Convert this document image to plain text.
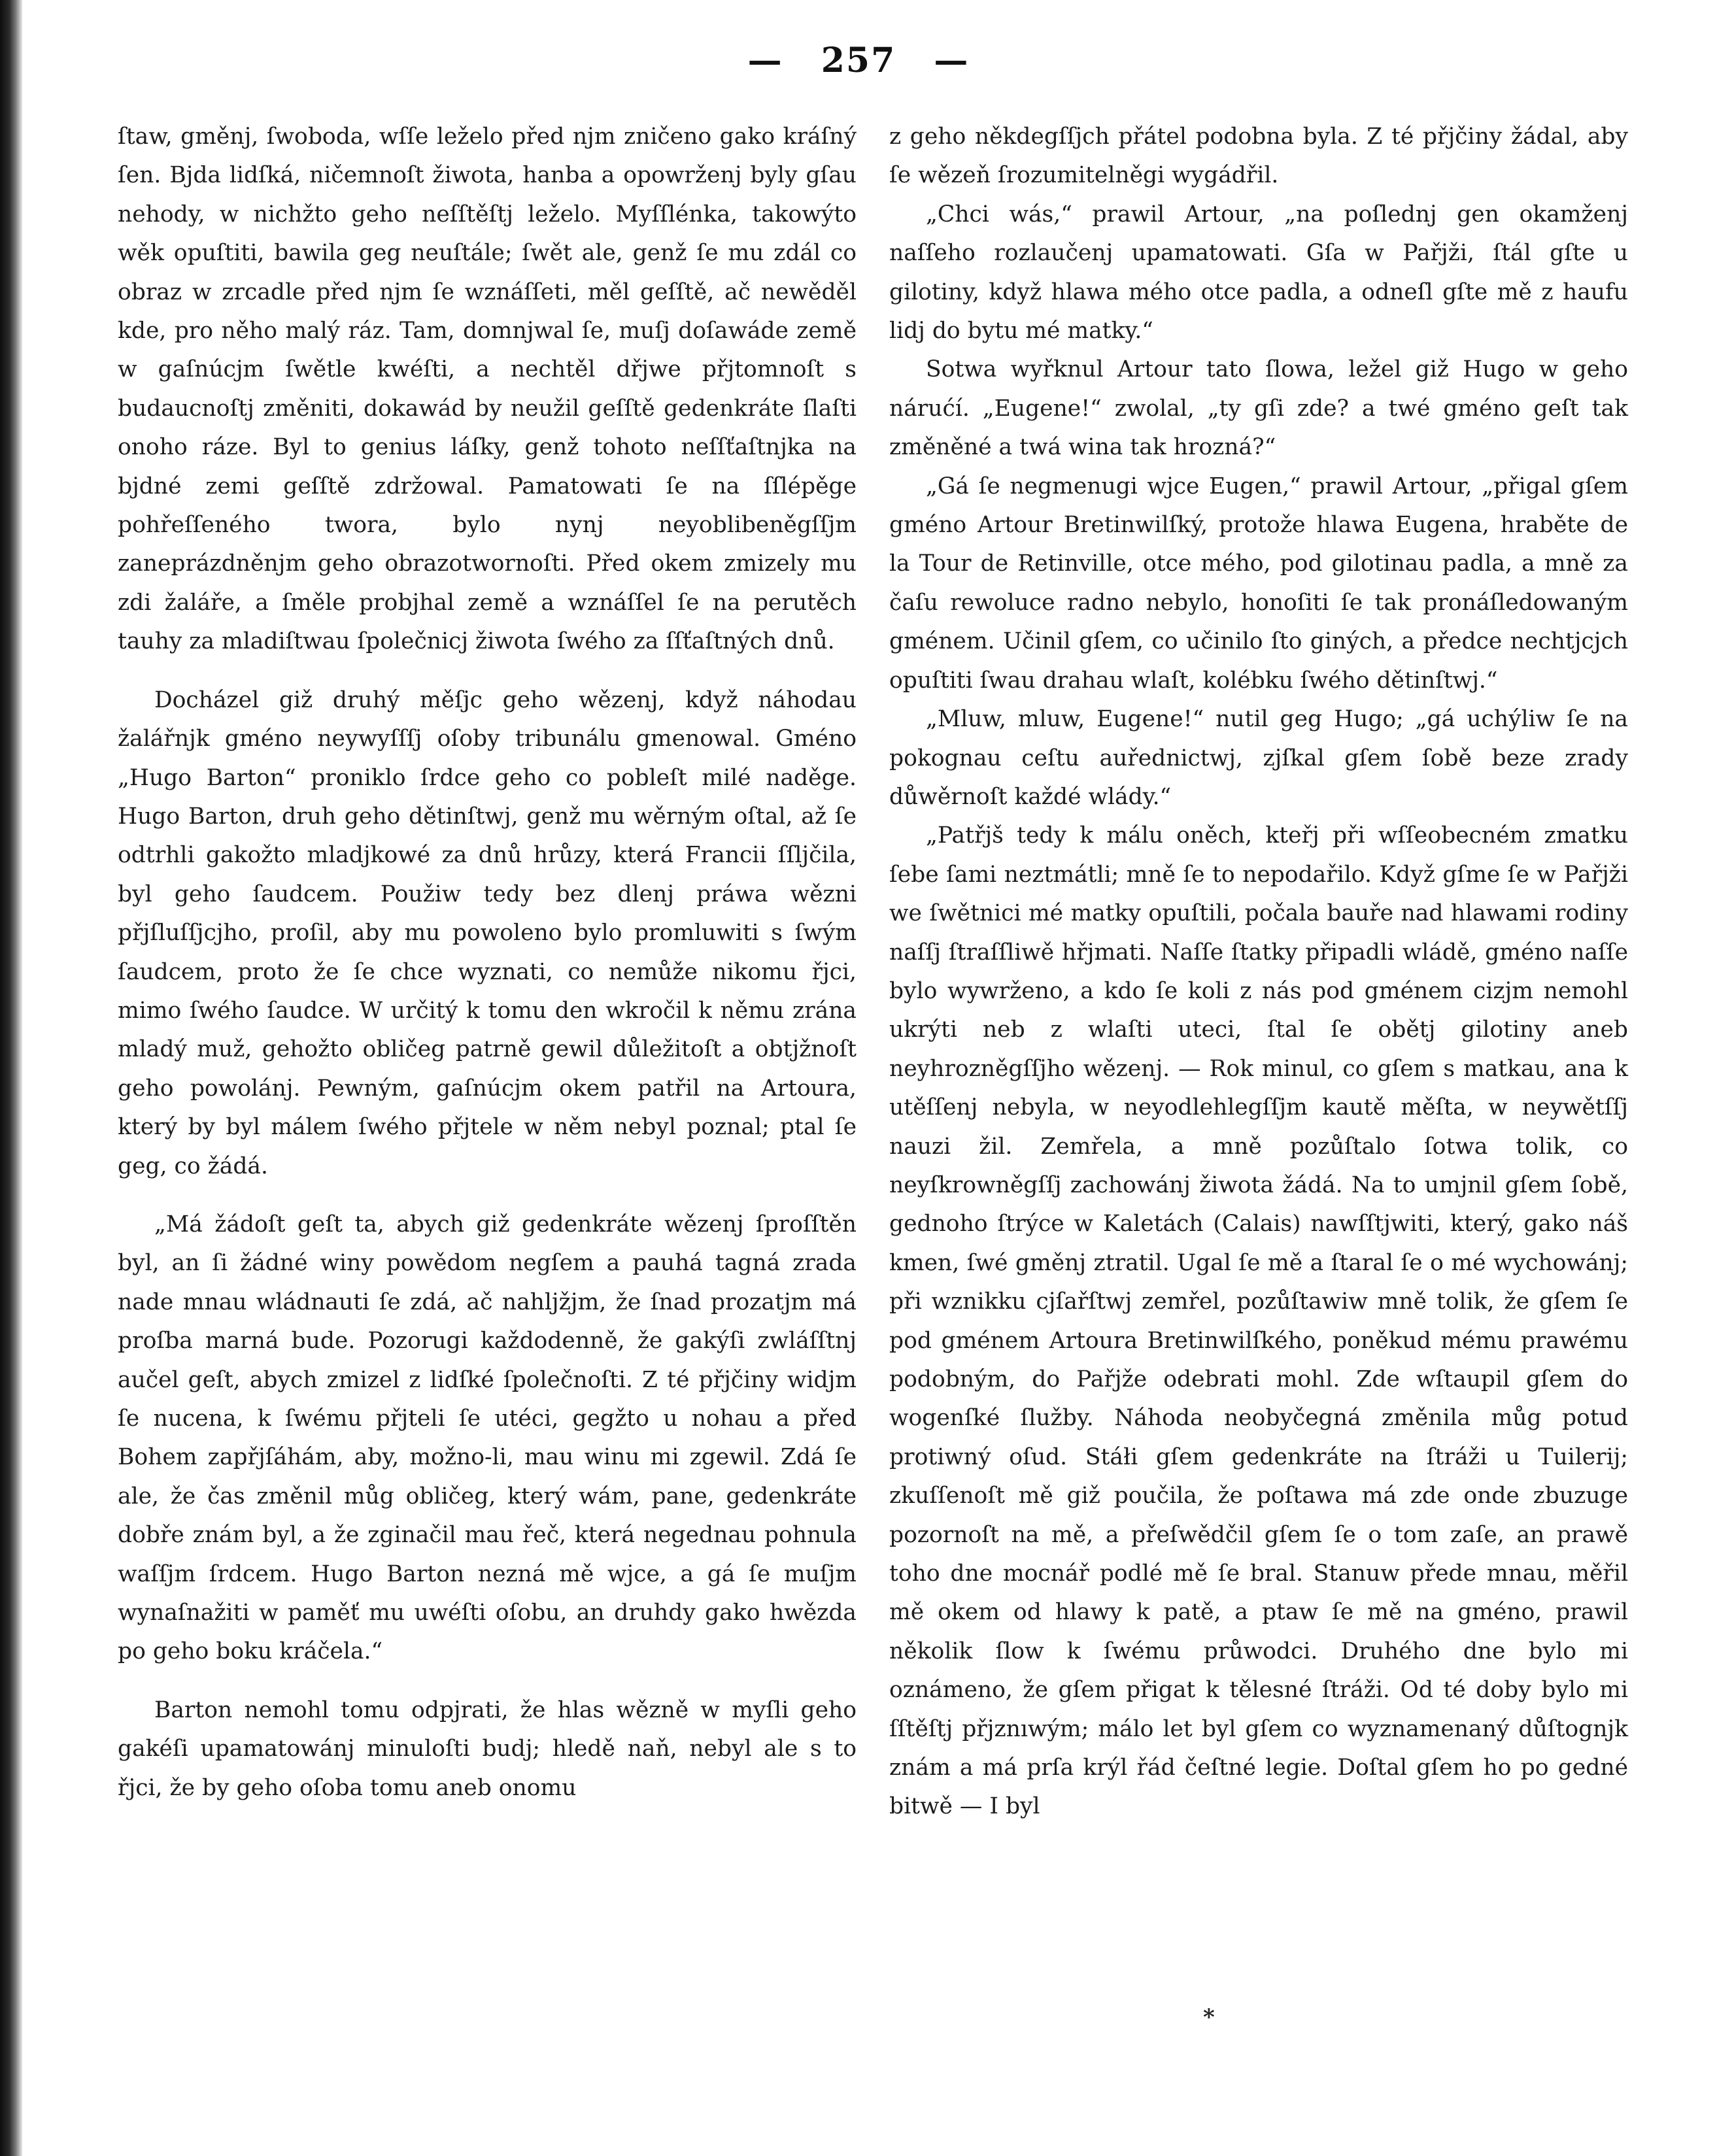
— 257 —

ſtaw, gměnj, ſwoboda, wſſe leželo před njm zničeno gako kráſný ſen. Bjda lidſká, ničemnoſt žiwota, hanba a opowrženj byly gſau nehody, w nichžto geho neſſtěſtj leželo. Myſſlénka, takowýto wěk opuſtiti, bawila geg neuſtále; ſwět ale, genž ſe mu zdál co obraz w zrcadle před njm ſe wznáſſeti, měl geſſtě, ač newěděl kde, pro něho malý ráz. Tam, domnjwal ſe, muſj doſawáde země w gaſnúcjm ſwětle kwéſti, a nechtěl dřjwe přjtomnoſt s budaucnoſtj změniti, dokawád by neužil geſſtě gedenkráte ſlaſti onoho ráze. Byl to genius láſky, genž tohoto neſſťaſtnjka na bjdné zemi geſſtě zdržowal. Pamatowati ſe na ſſlépěge pohřeſſeného twora, bylo nynj neyoblibeněgſſjm zaneprázdněnjm geho obrazotwornoſti. Před okem zmizely mu zdi žaláře, a ſměle probjhal země a wznáſſel ſe na perutěch tauhy za mladiſtwau ſpolečnicj žiwota ſwého za ſſťaſtných dnů.

Docházel giž druhý měſjc geho wězenj, když náhodau žalářnjk gméno neywyſſſj oſoby tribunálu gmenowal. Gméno „Hugo Barton“ proniklo ſrdce geho co pobleſt milé naděge. Hugo Barton, druh geho dětinſtwj, genž mu wěrným oſtal, až ſe odtrhli gakožto mladjkowé za dnů hrůzy, která Francii ſſljčila, byl geho ſaudcem. Použiw tedy bez dlenj práwa wězni přjſluſſjcjho, proſil, aby mu powoleno bylo promluwiti s ſwým ſaudcem, proto že ſe chce wyznati, co nemůže nikomu řjci, mimo ſwého ſaudce. W určitý k tomu den wkročil k němu zrána mladý muž, gehožto obličeg patrně gewil důležitoſt a obtjžnoſt geho powolánj. Pewným, gaſnúcjm okem patřil na Artoura, který by byl málem ſwého přjtele w něm nebyl poznal; ptal ſe geg, co žádá.

„Má žádoſt geſt ta, abych giž gedenkráte wězenj ſproſſtěn byl, an ſi žádné winy powědom negſem a pauhá tagná zrada nade mnau wládnauti ſe zdá, ač nahljžjm, že ſnad prozatjm má proſba marná bude. Pozorugi každodenně, že gakýſi zwláſſtnj aučel geſt, abych zmizel z lidſké ſpolečnoſti. Z té přjčiny widjm ſe nucena, k ſwému přjteli ſe utéci, gegžto u nohau a před Bohem zapřjſáhám, aby, možno-li, mau winu mi zgewil. Zdá ſe ale, že čas změnil můg obličeg, který wám, pane, gedenkráte dobře znám byl, a že zginačil mau řeč, která negednau pohnula waſſjm ſrdcem. Hugo Barton nezná mě wjce, a gá ſe muſjm wynaſnažiti w paměť mu uwéſti oſobu, an druhdy gako hwězda po geho boku kráčela.“

Barton nemohl tomu odpjrati, že hlas wězně w myſli geho gakéſi upamatowánj minuloſti budj; hledě naň, nebyl ale s to řjci, že by geho oſoba tomu aneb onomu

z geho někdegſſjch přátel podobna byla. Z té přjčiny žádal, aby ſe wězeň ſrozumitelněgi wygádřil.

„Chci wás,“ prawil Artour, „na poſlednj gen okamženj naſſeho rozlaučenj upamatowati. Gſa w Pařjži, ſtál gſte u gilotiny, když hlawa mého otce padla, a odneſl gſte mě z haufu lidj do bytu mé matky.“

Sotwa wyřknul Artour tato ſlowa, ležel giž Hugo w geho nárućí. „Eugene!“ zwolal, „ty gſi zde? a twé gméno geſt tak změněné a twá wina tak hrozná?“

„Gá ſe negmenugi wjce Eugen,“ prawil Artour, „přigal gſem gméno Artour Bretinwilſký, protože hlawa Eugena, hraběte de la Tour de Retinville, otce mého, pod gilotinau padla, a mně za čaſu rewoluce radno nebylo, honoſiti ſe tak pronáſledowaným gménem. Učinil gſem, co učinilo ſto giných, a předce nechtjcjch opuſtiti ſwau drahau wlaſt, kolébku ſwého dětinſtwj.“

„Mluw, mluw, Eugene!“ nutil geg Hugo; „gá uchýliw ſe na pokognau ceſtu auřednictwj, zjſkal gſem ſobě beze zrady důwěrnoſt každé wlády.“

„Patřjš tedy k málu oněch, kteřj při wſſeobecném zmatku ſebe ſami neztmátli; mně ſe to nepodařilo. Když gſme ſe w Pařjži we ſwětnici mé matky opuſtili, počala bauře nad hlawami rodiny naſſj ſtraſſliwě hřjmati. Naſſe ſtatky připadli wládě, gméno naſſe bylo wywrženo, a kdo ſe koli z nás pod gménem cizjm nemohl ukrýti neb z wlaſti uteci, ſtal ſe obětj gilotiny aneb neyhrozněgſſjho wězenj. — Rok minul, co gſem s matkau, ana k utěſſenj nebyla, w neyodlehlegſſjm kautě měſta, w neywětſſj nauzi žil. Zemřela, a mně pozůſtalo ſotwa tolik, co neyſkrowněgſſj zachowánj žiwota žádá. Na to umjnil gſem ſobě, gednoho ſtrýce w Kaletách (Calais) nawſſtjwiti, který, gako náš kmen, ſwé gměnj ztratil. Ugal ſe mě a ſtaral ſe o mé wychowánj; při wznikku cjſařſtwj zemřel, pozůſtawiw mně tolik, že gſem ſe pod gménem Artoura Bretinwilſkého, poněkud mému prawému podobným, do Pařjže odebrati mohl. Zde wſtaupil gſem do wogenſké ſlužby. Náhoda neobyčegná změnila můg potud protiwný oſud. Stáłi gſem gedenkráte na ſtráži u Tuilerij; zkuſſenoſt mě giž poučila, že poſtawa má zde onde zbuzuge pozornoſt na mě, a přeſwědčil gſem ſe o tom zaſe, an prawě toho dne mocnář podlé mě ſe bral. Stanuw přede mnau, měřil mě okem od hlawy k patě, a ptaw ſe mě na gméno, prawil několik ſlow k ſwému průwodci. Druhého dne bylo mi oznámeno, že gſem přigat k tělesné ſtráži. Od té doby bylo mi ſſtěſtj přjznıwým; málo let byl gſem co wyznamenaný důſtognjk znám a má prſa krýl řád čeſtné legie. Doſtal gſem ho po gedné bitwě — I byl

*
